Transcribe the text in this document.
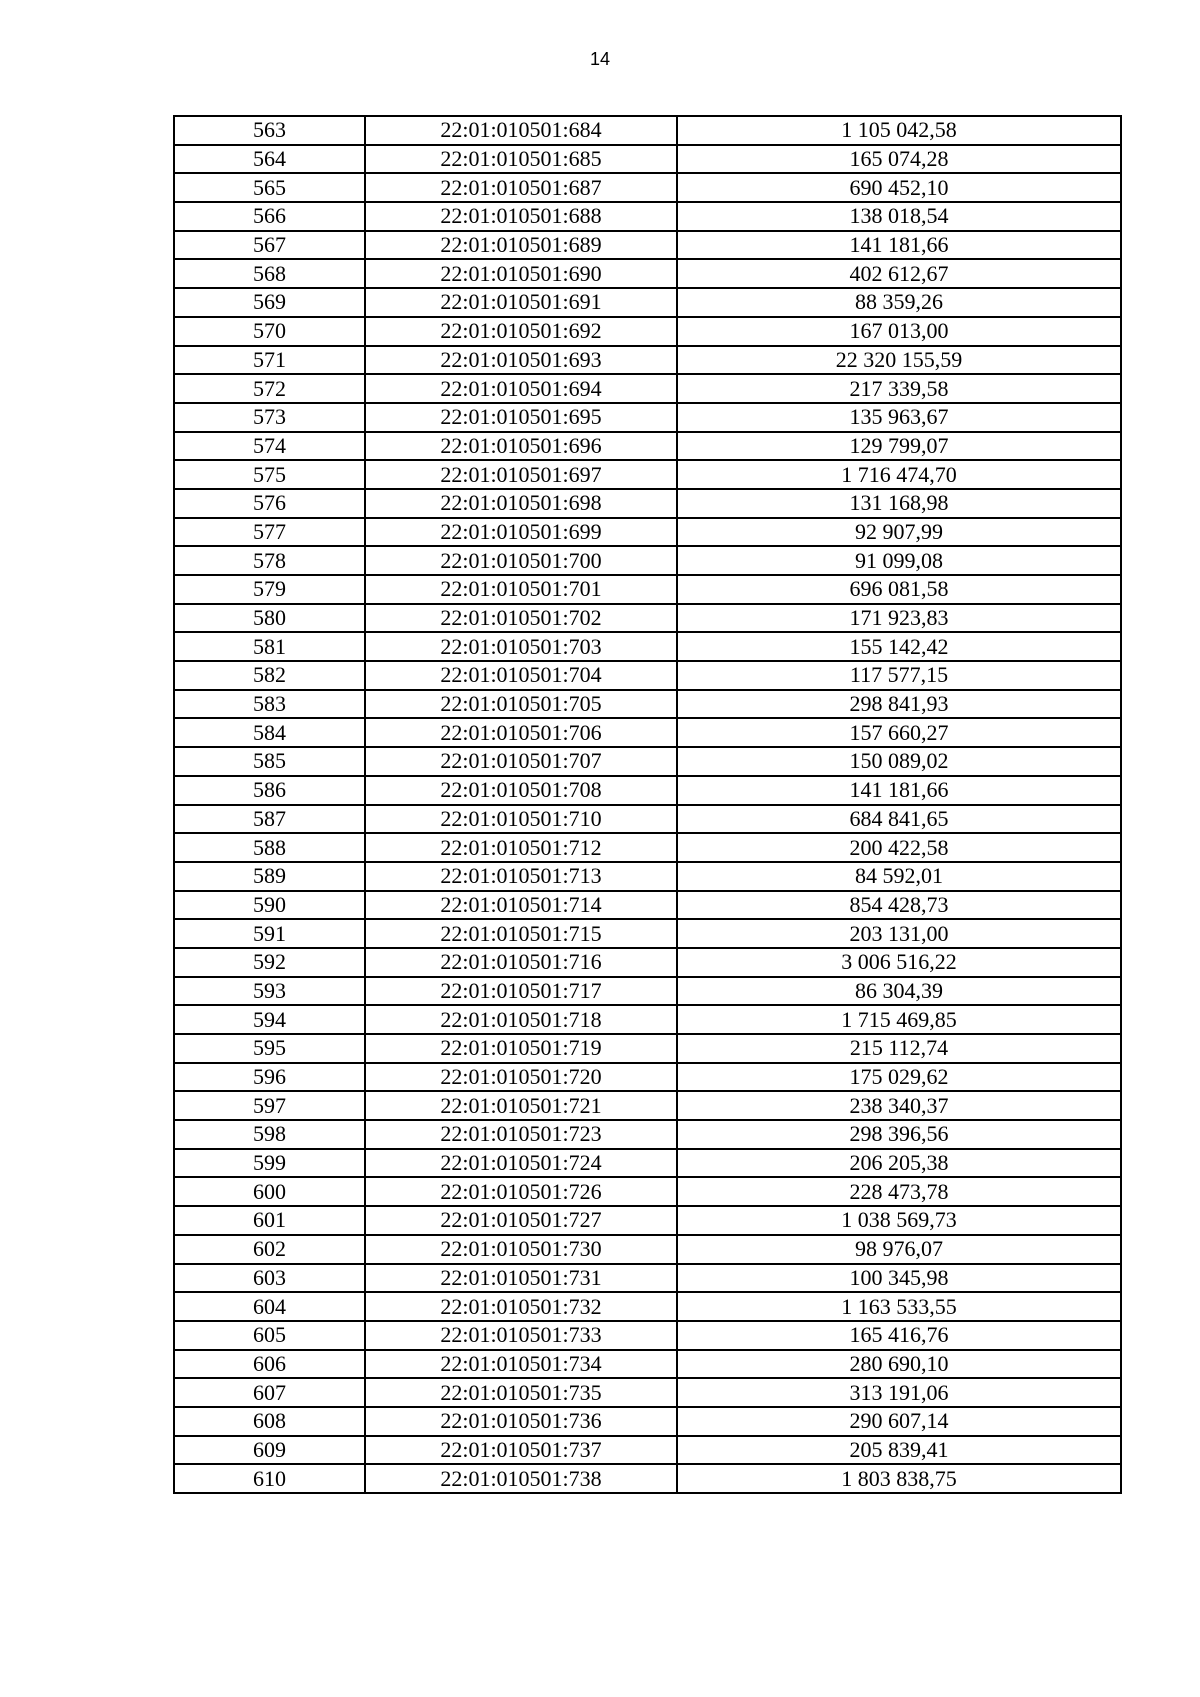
14
563	22:01:010501:684	1 105 042,58
564	22:01:010501:685	165 074,28
565	22:01:010501:687	690 452,10
566	22:01:010501:688	138 018,54
567	22:01:010501:689	141 181,66
568	22:01:010501:690	402 612,67
569	22:01:010501:691	88 359,26
570	22:01:010501:692	167 013,00
571	22:01:010501:693	22 320 155,59
572	22:01:010501:694	217 339,58
573	22:01:010501:695	135 963,67
574	22:01:010501:696	129 799,07
575	22:01:010501:697	1 716 474,70
576	22:01:010501:698	131 168,98
577	22:01:010501:699	92 907,99
578	22:01:010501:700	91 099,08
579	22:01:010501:701	696 081,58
580	22:01:010501:702	171 923,83
581	22:01:010501:703	155 142,42
582	22:01:010501:704	117 577,15
583	22:01:010501:705	298 841,93
584	22:01:010501:706	157 660,27
585	22:01:010501:707	150 089,02
586	22:01:010501:708	141 181,66
587	22:01:010501:710	684 841,65
588	22:01:010501:712	200 422,58
589	22:01:010501:713	84 592,01
590	22:01:010501:714	854 428,73
591	22:01:010501:715	203 131,00
592	22:01:010501:716	3 006 516,22
593	22:01:010501:717	86 304,39
594	22:01:010501:718	1 715 469,85
595	22:01:010501:719	215 112,74
596	22:01:010501:720	175 029,62
597	22:01:010501:721	238 340,37
598	22:01:010501:723	298 396,56
599	22:01:010501:724	206 205,38
600	22:01:010501:726	228 473,78
601	22:01:010501:727	1 038 569,73
602	22:01:010501:730	98 976,07
603	22:01:010501:731	100 345,98
604	22:01:010501:732	1 163 533,55
605	22:01:010501:733	165 416,76
606	22:01:010501:734	280 690,10
607	22:01:010501:735	313 191,06
608	22:01:010501:736	290 607,14
609	22:01:010501:737	205 839,41
610	22:01:010501:738	1 803 838,75
